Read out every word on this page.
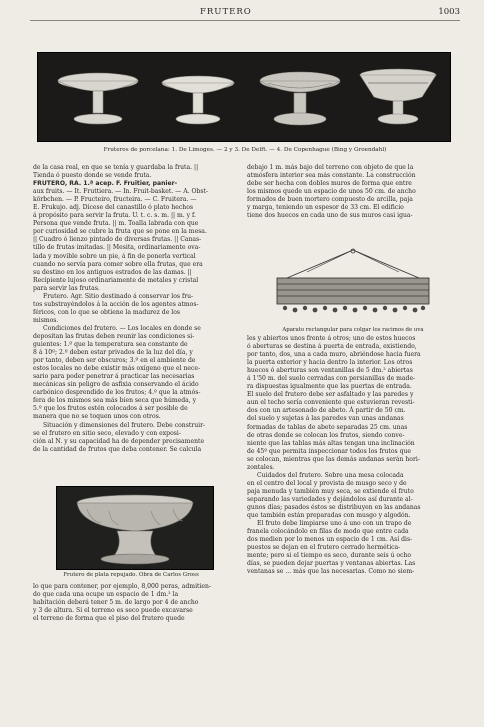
FRUTERO	1003
Fruteros de porcelana: 1. De Limoges. — 2 y 3. De Delft. — 4. De Copenhague (Bing y Groendahl)

de la casa real, en que se tenía y guardaba la fruta. ||

Tienda ó puesto donde se vende fruta.

FRUTERO, RA. 1.ª acep. F. Fruitier, panier-

aux fruits. — It. Fruttiera. — In. Fruit-basket. — A. Obst-

körbchen. — P. Fructeiro, fructeira. — C. Fruitera. —

E. Frukujo. adj. Dícese del canastillo ó plato hechos

á propósito para servir la fruta. U. t. c. s. m. || m. y f.

Persona que vende fruta. || m. Toalla labrada con que

por curiosidad se cubre la fruta que se pone en la mesa.

|| Cuadro ó lienzo pintado de diversas frutas. || Canas-

tillo de frutas imitadas. || Mesita, ordinariamente ova-

lada y movible sobre un pie, á fin de ponerla vertical

cuando no servía para comer sobre ella frutas, que era

su destino en los antiguos estrados de las damas. ||

Recipiente lujoso ordinariamente de metales y cristal

para servir las frutas.

Frutero. Agr. Sitio destinado á conservar los fru-

tos substrayéndolos á la acción de los agentes atmos-

féricos, con lo que se obtiene la madurez de los

mismos.

Condiciones del frutero. — Los locales en donde se

depositan las frutas deben reunir las condiciones si-

guientes: 1.º que la temperatura sea constante de

8 á 10º; 2.º deben estar privados de la luz del día, y

por tanto, deben ser obscuros; 3.º en el ambiente de

estos locales no debe existir más oxígeno que el nece-

sario para poder penetrar á practicar las necesarias

mecánicas sin peligro de asfixia conservando el ácido

carbónico desprendido de los frutos; 4.º que la atmós-

fera de los mismos sea más bien seca que húmeda, y

5.º que los frutos estén colocados á ser posible de

manera que no se toquen unos con otros.

Situación y dimensiones del frutero. Debe construir-

se el frutero en sitio seco, elevado y con exposi-

ción al N. y su capacidad ha de depender precisamente

de la cantidad de frutos que deba contener. Se calcula

Frutero de plata repujado. Obra de Carlos Gross

lo que para contener, por ejemplo, 8,000 peras, admitien-

do que cada una ocupe un espacio de 1 dm.² la

habitación deberá tener 5 m. de largo por 4 de ancho

y 3 de altura. Si el terreno es seco puede excavarse

el terreno de forma que el piso del frutero quede

debajo 1 m. más bajo del terreno con objeto de que la

atmósfera interior sea más constante. La construcción

debe ser hecha con dobles muros de forma que entre

los mismos quede un espacio de unos 50 cm. de ancho

formados de buen mortero compuesto de arcilla, paja

y marga, teniendo un espesor de 33 cm. El edificio

tiene dos huecos en cada uno de sus muros casi igua-

Aparato rectangular para colgar los racimos de uva

les y abiertos unos frente á otros; uno de estos huecos

ó aberturas se destina á puerta de entrada, existiendo,

por tanto, dos, una a cada muro, abriéndose hacia fuera

la puerta exterior y hacia dentro la interior. Los otros

huecos ó aberturas son ventanillas de 5 dm.² abiertas

á 1'50 m. del suelo cerradas con persianillas de made-

ra dispuestas igualmente que las puertas de entrada.

El suelo del frutero debe ser asfaltado y las paredes y

aun el techo sería conveniente que estuvieran revesti-

dos con un artesonado de abeto. Á partir de 50 cm.

del suelo y sujetas á las paredes van unas andanas

formadas de tablas de abeto separadas 25 cm. unas

de otras donde se colocan los frutos, siendo conve-

niente que las tablas más altas tengan una inclinación

de 45º que permita inspeccionar todos los frutos que

se colocan, mientras que las demás andanas serán hori-

zontales.

Cuidados del frutero. Sobre una mesa colocada

en el centro del local y provista de musgo seco y de

paja menuda y también muy seca, se extiende el fruto

separando las variedades y dejándolos así durante al-

gunos días; pasados éstos se distribuyen en las andanas

que también están preparadas con musgo y algodón.

El fruto debe limpiarse uno á uno con un trapo de

franela colocándolo en filas de modo que entre cada

dos medien por lo menos un espacio de 1 cm. Así dis-

puestos se dejan en el frutero cerrado hermética-

mente; pero si el tiempo es seco, durante seis ú ocho

días, se pueden dejar puertas y ventanas abiertas. Las

ventanas se ... más que las necesarias. Como no siem-
